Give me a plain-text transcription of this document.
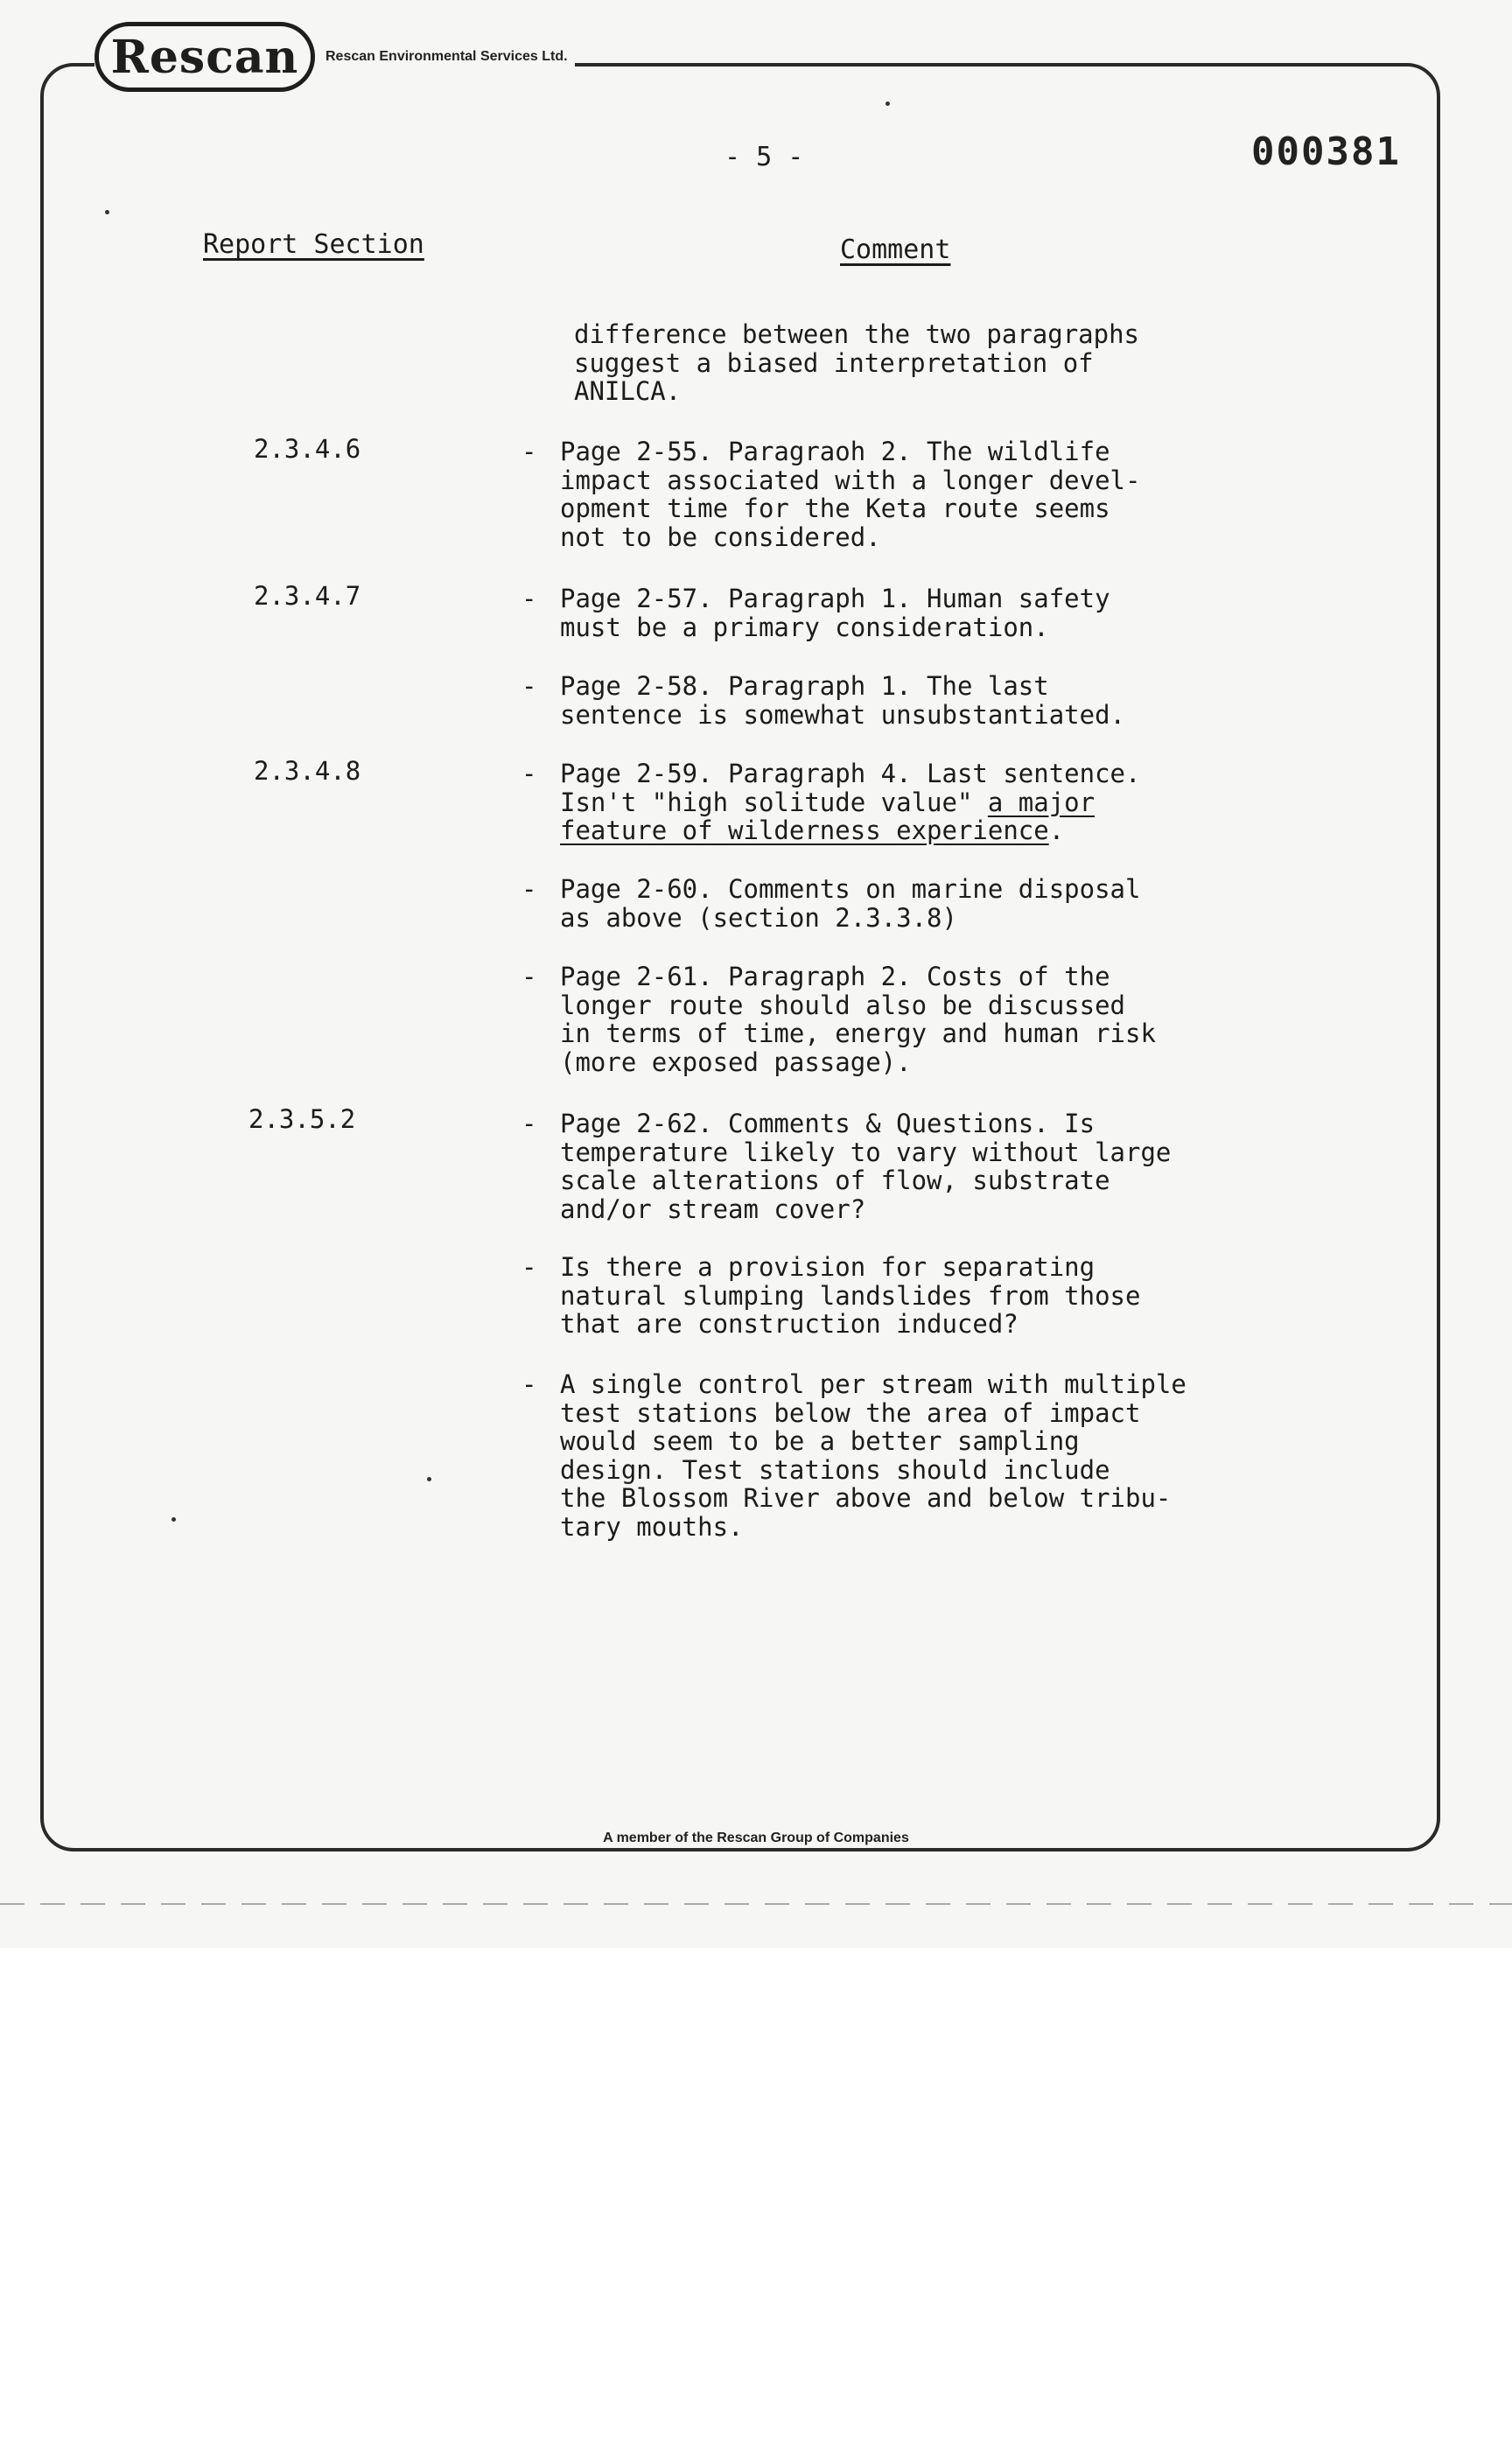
Rescan	Rescan Environmental Services Ltd.
- 5 -	000381
Report Section	Comment
difference between the two paragraphs
suggest a biased interpretation of
ANILCA.
2.3.4.6	- Page 2-55. Paragraoh 2. The wildlife
impact associated with a longer devel-
opment time for the Keta route seems
not to be considered.
2.3.4.7	- Page 2-57. Paragraph 1. Human safety
must be a primary consideration.
- Page 2-58. Paragraph 1. The last
sentence is somewhat unsubstantiated.
2.3.4.8	- Page 2-59. Paragraph 4. Last sentence.
Isn't "high solitude value" a major
feature of wilderness experience.
- Page 2-60. Comments on marine disposal
as above (section 2.3.3.8)
- Page 2-61. Paragraph 2. Costs of the
longer route should also be discussed
in terms of time, energy and human risk
(more exposed passage).
2.3.5.2	- Page 2-62. Comments & Questions. Is
temperature likely to vary without large
scale alterations of flow, substrate
and/or stream cover?
- Is there a provision for separating
natural slumping landslides from those
that are construction induced?
- A single control per stream with multiple
test stations below the area of impact
would seem to be a better sampling
design. Test stations should include
the Blossom River above and below tribu-
tary mouths.
A member of the Rescan Group of Companies
